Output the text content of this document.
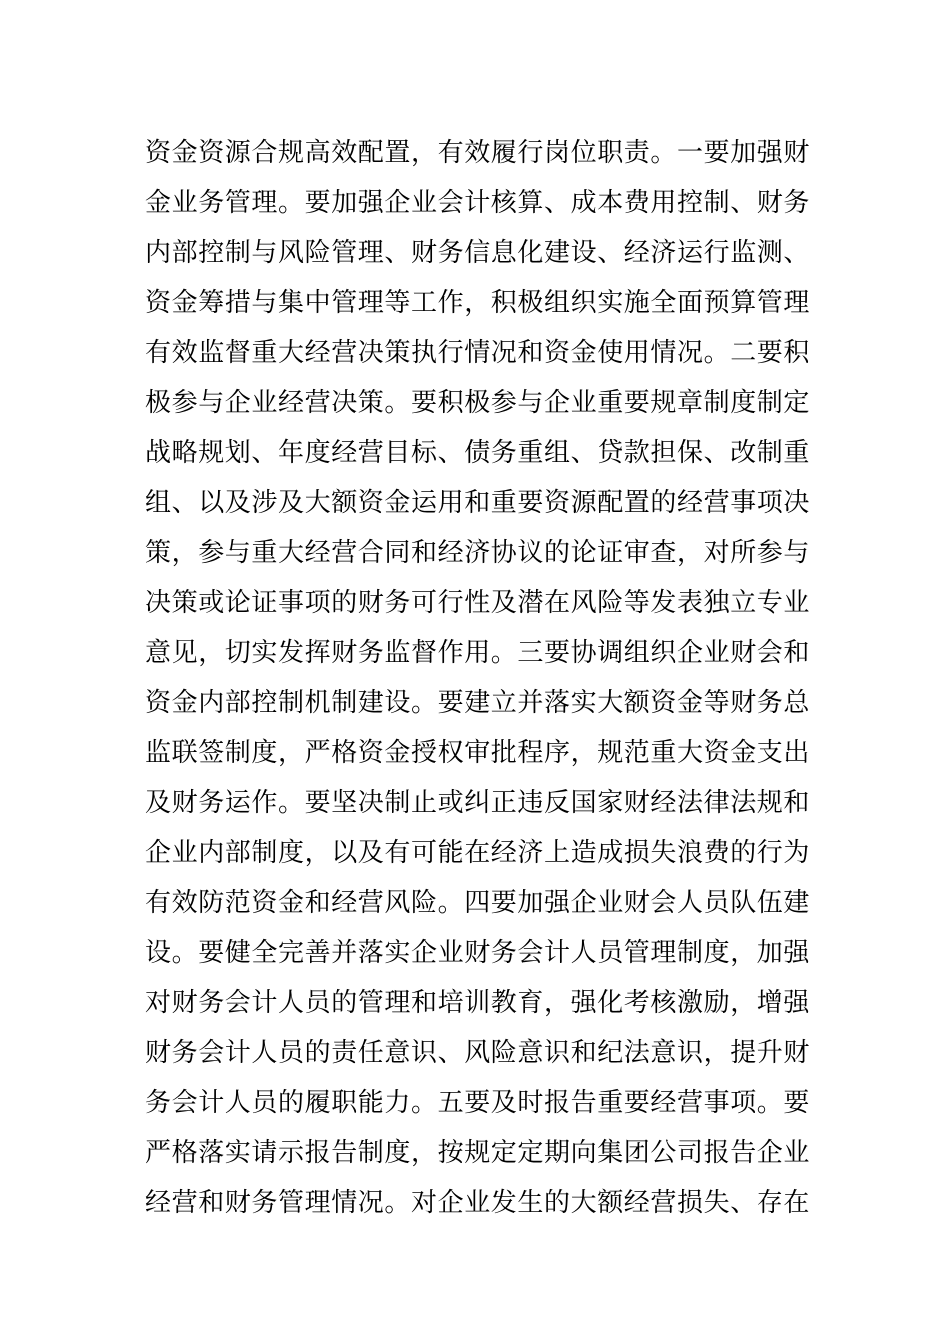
资金资源合规高效配置，有效履行岗位职责。一要加强财
金业务管理。要加强企业会计核算、成本费用控制、财务
内部控制与风险管理、财务信息化建设、经济运行监测、
资金筹措与集中管理等工作，积极组织实施全面预算管理
有效监督重大经营决策执行情况和资金使用情况。二要积
极参与企业经营决策。要积极参与企业重要规章制度制定
战略规划、年度经营目标、债务重组、贷款担保、改制重
组、以及涉及大额资金运用和重要资源配置的经营事项决
策，参与重大经营合同和经济协议的论证审查，对所参与
决策或论证事项的财务可行性及潜在风险等发表独立专业
意见，切实发挥财务监督作用。三要协调组织企业财会和
资金内部控制机制建设。要建立并落实大额资金等财务总
监联签制度，严格资金授权审批程序，规范重大资金支出
及财务运作。要坚决制止或纠正违反国家财经法律法规和
企业内部制度，以及有可能在经济上造成损失浪费的行为
有效防范资金和经营风险。四要加强企业财会人员队伍建
设。要健全完善并落实企业财务会计人员管理制度，加强
对财务会计人员的管理和培训教育，强化考核激励，增强
财务会计人员的责任意识、风险意识和纪法意识，提升财
务会计人员的履职能力。五要及时报告重要经营事项。要
严格落实请示报告制度，按规定定期向集团公司报告企业
经营和财务管理情况。对企业发生的大额经营损失、存在
